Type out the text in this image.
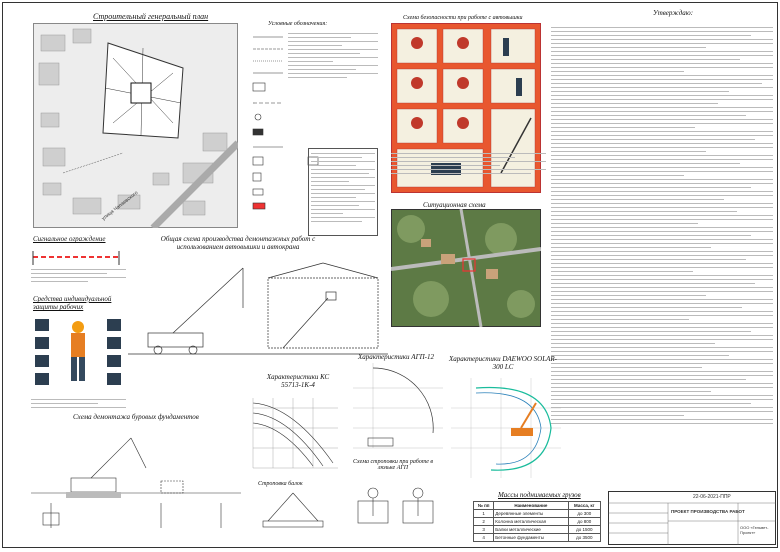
Строительный генеральный план
улица Чапаевского
Условные обозначения:
Схема безопасности при работе с автовышки
Утверждаю:
Ситуационная схема
Сигнальное ограждение
Средства индивидуальной защиты рабочих
Общая схема производства демонтажных работ с использованием автовышки и автокрана
Характеристики КС 55713-1К-4
Характеристики АГП-12 Характеристики DAEWOO SOLAR-300 LC
Схема демонтажа буровых фундаментов
Строповка балок
Схема строповки при работе в люльке АГП
Массы поднимаемых грузов
№ пп	Наименование	Масса, кг
1	Деревянные элементы	до 300
2	Колонна металлическая	до 800
3	Балки металлические	до 1500
4	Бетонные фундаменты	до 3500
22-06-2021-ППР
ПРОЕКТ ПРОИЗВОДСТВА РАБОТ
ООО «Гельвет-Проект»
